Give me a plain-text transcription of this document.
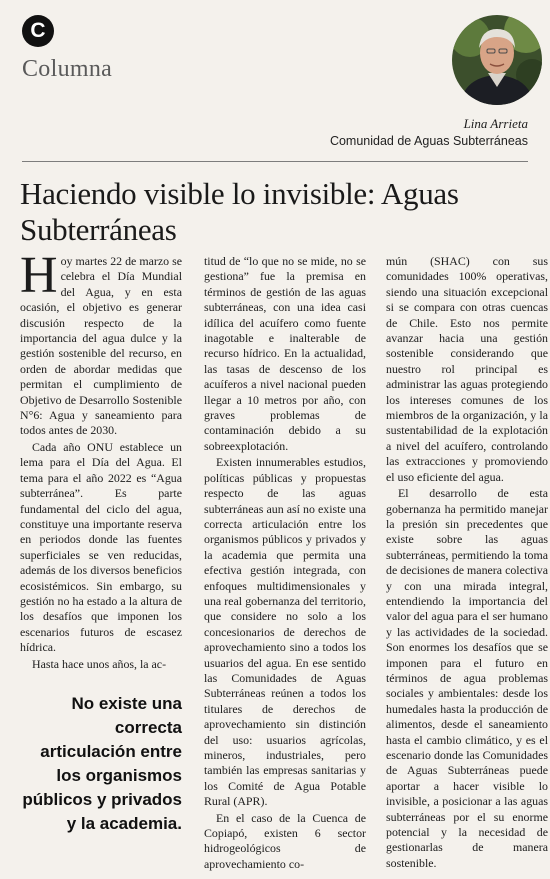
C
Columna
Lina Arrieta
Comunidad de Aguas Subterráneas
Haciendo visible lo invisible: Aguas Subterráneas

Hoy martes 22 de marzo se celebra el Día Mundial del Agua, y en esta ocasión, el objetivo es generar discusión respecto de la importancia del agua dulce y la gestión sostenible del recurso, en orden de abordar medidas que permitan el cumplimiento de Objetivo de Desarrollo Sostenible N°6: Agua y saneamiento para todos antes de 2030.

Cada año ONU establece un lema para el Día del Agua. El tema para el año 2022 es “Agua subterránea”. Es parte fundamental del ciclo del agua, constituye una importante reserva en periodos donde las fuentes superficiales se ven reducidas, además de los diversos beneficios ecosistémicos. Sin embargo, su gestión no ha estado a la altura de los desafíos que imponen los escenarios futuros de escasez hídrica.

Hasta hace unos años, la ac-

No existe una correcta articulación entre los organismos públicos y privados y la academia.

titud de “lo que no se mide, no se gestiona” fue la premisa en términos de gestión de las aguas subterráneas, con una idea casi idílica del acuífero como fuente inagotable e inalterable de recurso hídrico. En la actualidad, las tasas de descenso de los acuíferos a nivel nacional pueden llegar a 10 metros por año, con graves problemas de contaminación debido a su sobreexplotación.

Existen innumerables estudios, políticas públicas y propuestas respecto de las aguas subterráneas aun así no existe una correcta articulación entre los organismos públicos y privados y la academia que permita una efectiva gestión integrada, con enfoques multidimensionales y una real gobernanza del territorio, que considere no solo a los concesionarios de derechos de aprovechamiento sino a todos los usuarios del agua. En ese sentido las Comunidades de Aguas Subterráneas reúnen a todos los titulares de derechos de aprovechamiento sin distinción del uso: usuarios agrícolas, mineros, industriales, pero también las empresas sanitarias y los Comité de Agua Potable Rural (APR).

En el caso de la Cuenca de Copiapó, existen 6 sector hidrogeológicos de aprovechamiento co-

mún (SHAC) con sus comunidades 100% operativas, siendo una situación excepcional si se compara con otras cuencas de Chile. Esto nos permite avanzar hacia una gestión sostenible considerando que nuestro rol principal es administrar las aguas protegiendo los intereses comunes de los miembros de la organización, y la sustentabilidad de la explotación a nivel del acuífero, controlando las extracciones y promoviendo el uso eficiente del agua.

El desarrollo de esta gobernanza ha permitido manejar la presión sin precedentes que existe sobre las aguas subterráneas, permitiendo la toma de decisiones de manera colectiva y con una mirada integral, entendiendo la importancia del valor del agua para el ser humano y las actividades de la sociedad. Son enormes los desafíos que se imponen para el futuro en términos de agua problemas sociales y ambientales: desde los humedales hasta la producción de alimentos, desde el saneamiento hasta el cambio climático, y es el escenario donde las Comunidades de Aguas Subterráneas puede aportar a hacer visible lo invisible, a posicionar a las aguas subterráneas por el su enorme potencial y la necesidad de gestionarlas de manera sostenible.
